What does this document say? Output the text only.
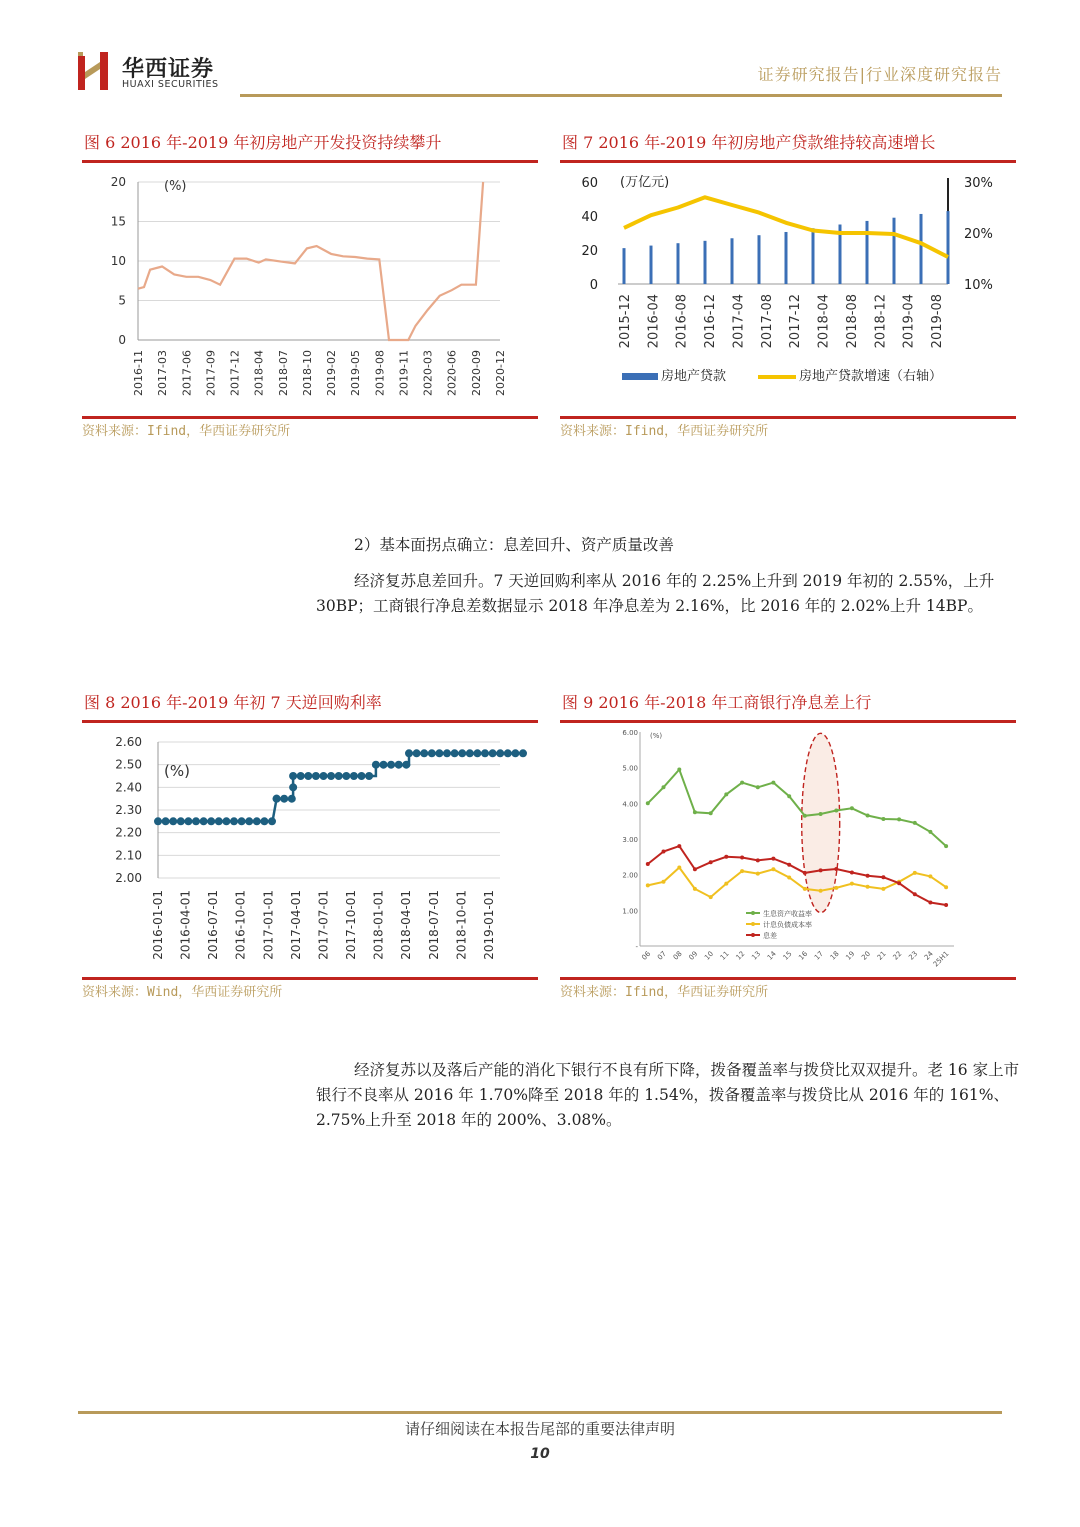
华西证券
HUAXI SECURITIES
证券研究报告|行业深度研究报告
图 6 2016 年-2019 年初房地产开发投资持续攀升
20
15
10
5
0
(%)
2016-11 2017-03 2017-06 2017-09 2017-12 2018-04 2018-07 2018-10 2019-02 2019-05 2019-08 2019-11 2020-03 2020-06 2020-09 2020-12
资料来源：Ifind，华西证券研究所
图 7 2016 年-2019 年初房地产贷款维持较高速增长
60
40
20
0
30%
20%
10%
(万亿元)
2015-12 2016-04 2016-08 2016-12 2017-04 2017-08 2017-12 2018-04 2018-08 2018-12 2019-04 2019-08
房地产贷款	房地产贷款增速（右轴）
资料来源：Ifind，华西证券研究所
2）基本面拐点确立：息差回升、资产质量改善
经济复苏息差回升。7 天逆回购利率从 2016 年的 2.25%上升到 2019 年初的 2.55%，上升 30BP；工商银行净息差数据显示 2018 年净息差为 2.16%，比 2016 年的 2.02%上升 14BP。
图 8 2016 年-2019 年初 7 天逆回购利率
2.60
2.50
2.40
2.30
2.20
2.10
2.00
(%)
2016-01-01 2016-04-01 2016-07-01 2016-10-01 2017-01-01 2017-04-01 2017-07-01 2017-10-01 2018-01-01 2018-04-01 2018-07-01 2018-10-01 2019-01-01
资料来源：Wind，华西证券研究所
图 9 2016 年-2018 年工商银行净息差上行
6.00
5.00
4.00
3.00
2.00
1.00
-
(%)
生息资产收益率
计息负债成本率
息差
06 07 08 09 10 11 12 13 14 15 16 17 18 19 20 21 22 23 24
25H1
资料来源：Ifind，华西证券研究所
经济复苏以及落后产能的消化下银行不良有所下降，拨备覆盖率与拨贷比双双提升。老 16 家上市银行不良率从 2016 年 1.70%降至 2018 年的 1.54%，拨备覆盖率与拨贷比从 2016 年的 161%、2.75%上升至 2018 年的 200%、3.08%。
请仔细阅读在本报告尾部的重要法律声明
10
